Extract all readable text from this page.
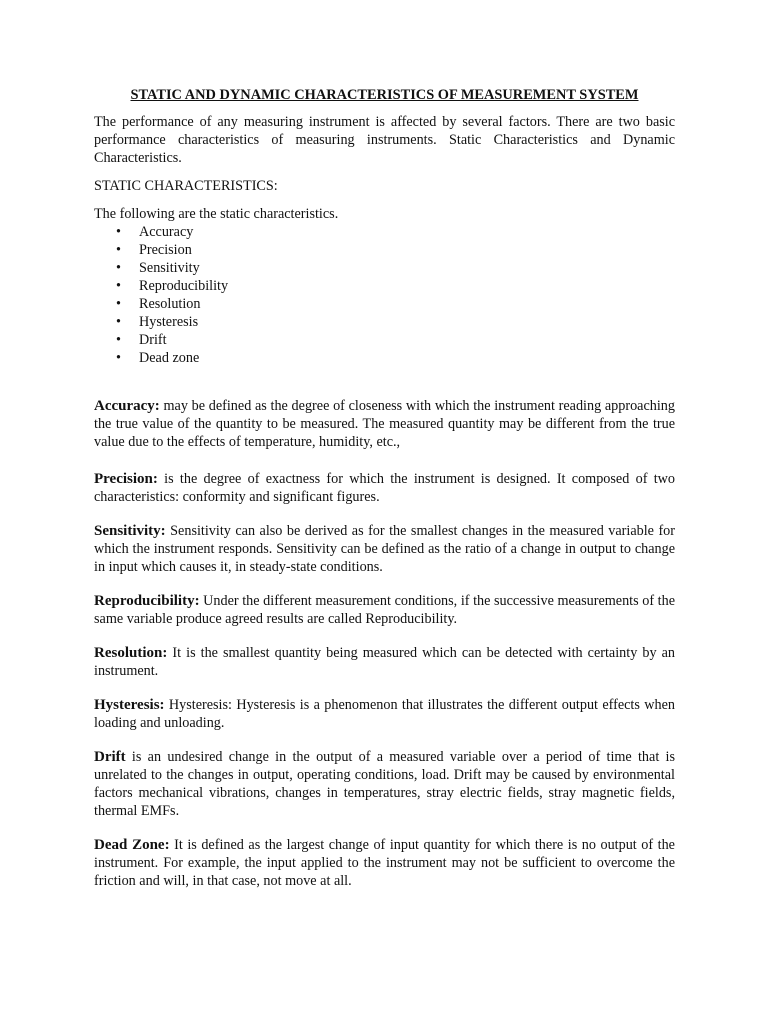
STATIC AND DYNAMIC CHARACTERISTICS OF MEASUREMENT SYSTEM

The performance of any measuring instrument is affected by several factors. There are two basic performance characteristics of measuring instruments. Static Characteristics and Dynamic Characteristics.

STATIC CHARACTERISTICS:

The following are the static characteristics.

• Accuracy
• Precision
• Sensitivity
• Reproducibility
• Resolution
• Hysteresis
• Drift
• Dead zone

Accuracy: may be defined as the degree of closeness with which the instrument reading approaching the true value of the quantity to be measured. The measured quantity may be different from the true value due to the effects of temperature, humidity, etc.,

Precision: is the degree of exactness for which the instrument is designed. It composed of two characteristics: conformity and significant figures.

Sensitivity: Sensitivity can also be derived as for the smallest changes in the measured variable for which the instrument responds. Sensitivity can be defined as the ratio of a change in output to change in input which causes it, in steady-state conditions.

Reproducibility: Under the different measurement conditions, if the successive measurements of the same variable produce agreed results are called Reproducibility.

Resolution: It is the smallest quantity being measured which can be detected with certainty by an instrument.

Hysteresis: Hysteresis: Hysteresis is a phenomenon that illustrates the different output effects when loading and unloading.

Drift is an undesired change in the output of a measured variable over a period of time that is unrelated to the changes in output, operating conditions, load. Drift may be caused by environmental factors mechanical vibrations, changes in temperatures, stray electric fields, stray magnetic fields, thermal EMFs.

Dead Zone: It is defined as the largest change of input quantity for which there is no output of the instrument. For example, the input applied to the instrument may not be sufficient to overcome the friction and will, in that case, not move at all.
